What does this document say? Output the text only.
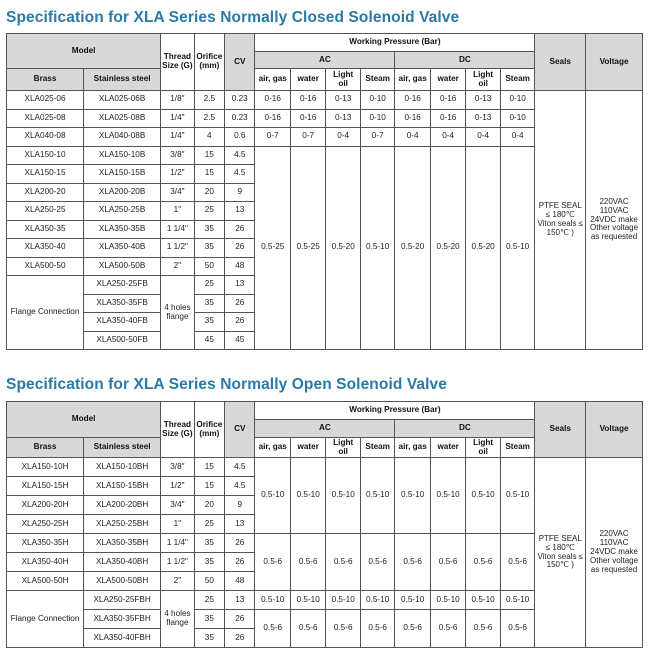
Specification for XLA Series Normally Closed Solenoid Valve
Model		Thread Size (G)	Orifice (mm)	CV	Working Pressure (Bar)								Seals	Voltage
					AC				DC					
Brass	Stainless steel				air, gas	water	Light oil	Steam	air, gas	water	Light oil	Steam		
XLA025-06	XLA025-06B	1/8"	2.5	0.23	0-16	0-16	0-13	0-10	0-16	0-16	0-13	0-10	PTFE SEAL ≤ 180℃ Viton seals ≤ 150℃ )	220VAC 110VAC 24VDC make Other voltage as requested
XLA025-08	XLA025-08B	1/4"	2.5	0.23	0-16	0-16	0-13	0-10	0-16	0-16	0-13	0-10		
XLA040-08	XLA040-08B	1/4"	4	0.6	0-7	0-7	0-4	0-7	0-4	0-4	0-4	0-4		
XLA150-10	XLA150-10B	3/8"	15	4.5	0.5-25	0.5-25	0.5-20	0.5-10	0.5-20	0.5-20	0.5-20	0.5-10		
XLA150-15	XLA150-15B	1/2"	15	4.5										
XLA200-20	XLA200-20B	3/4"	20	9										
XLA250-25	XLA250-25B	1"	25	13										
XLA350-35	XLA350-35B	1 1/4"	35	26										
XLA350-40	XLA350-40B	1 1/2"	35	26										
XLA500-50	XLA500-50B	2"	50	48										
Flange Connection	XLA250-25FB	4 holes flange	25	13										
	XLA350-35FB		35	26										
	XLA350-40FB		35	26										
	XLA500-50FB		45	45										
Specification for XLA Series Normally Open Solenoid Valve
Model		Thread Size (G)	Orifice (mm)	CV	Working Pressure (Bar)								Seals	Voltage
					AC				DC					
Brass	Stainless steel				air, gas	water	Light oil	Steam	air, gas	water	Light oil	Steam		
XLA150-10H	XLA150-10BH	3/8"	15	4.5	0.5-10	0.5-10	0.5-10	0.5-10	0.5-10	0.5-10	0.5-10	0.5-10	PTFE SEAL ≤ 180℃ Viton seals ≤ 150℃ )	220VAC 110VAC 24VDC make Other voltage as requested
XLA150-15H	XLA150-15BH	1/2"	15	4.5										
XLA200-20H	XLA200-20BH	3/4"	20	9										
XLA250-25H	XLA250-25BH	1"	25	13										
XLA350-35H	XLA350-35BH	1 1/4"	35	26	0.5-6	0.5-6	0.5-6	0.5-6	0.5-6	0.5-6	0.5-6	0.5-6		
XLA350-40H	XLA350-40BH	1 1/2"	35	26										
XLA500-50H	XLA500-50BH	2"	50	48										
Flange Connection	XLA250-25FBH	4 holes flange	25	13	0.5-10	0.5-10	0.5-10	0.5-10	0.5-10	0.5-10	0.5-10	0.5-10		
	XLA350-35FBH		35	26	0.5-6	0.5-6	0.5-6	0.5-6	0.5-6	0.5-6	0.5-6	0.5-6		
	XLA350-40FBH		35	26										
